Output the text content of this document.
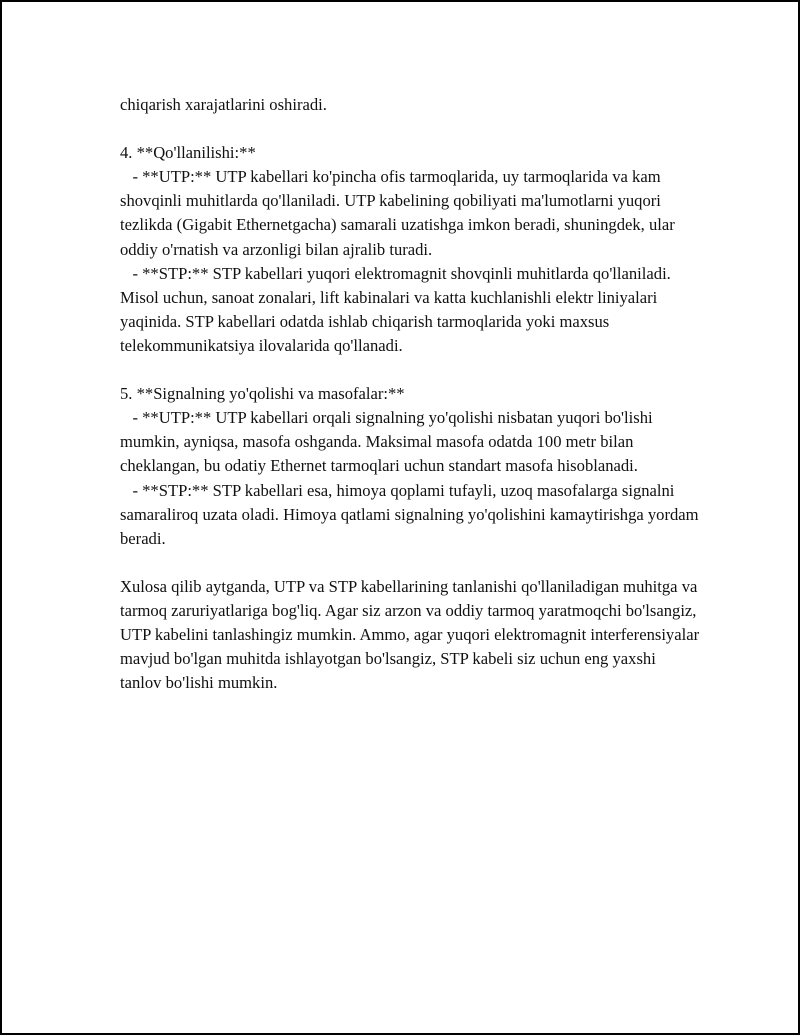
chiqarish xarajatlarini oshiradi.

4. **Qo'llanilishi:**

- **UTP:** UTP kabellari ko'pincha ofis tarmoqlarida, uy tarmoqlarida va kam shovqinli muhitlarda qo'llaniladi. UTP kabelining qobiliyati ma'lumotlarni yuqori tezlikda (Gigabit Ethernetgacha) samarali uzatishga imkon beradi, shuningdek, ular oddiy o'rnatish va arzonligi bilan ajralib turadi.

- **STP:** STP kabellari yuqori elektromagnit shovqinli muhitlarda qo'llaniladi. Misol uchun, sanoat zonalari, lift kabinalari va katta kuchlanishli elektr liniyalari yaqinida. STP kabellari odatda ishlab chiqarish tarmoqlarida yoki maxsus telekommunikatsiya ilovalarida qo'llanadi.

5. **Signalning yo'qolishi va masofalar:**

- **UTP:** UTP kabellari orqali signalning yo'qolishi nisbatan yuqori bo'lishi mumkin, ayniqsa, masofa oshganda. Maksimal masofa odatda 100 metr bilan cheklangan, bu odatiy Ethernet tarmoqlari uchun standart masofa hisoblanadi.

- **STP:** STP kabellari esa, himoya qoplami tufayli, uzoq masofalarga signalni samaraliroq uzata oladi. Himoya qatlami signalning yo'qolishini kamaytirishga yordam beradi.

Xulosa qilib aytganda, UTP va STP kabellarining tanlanishi qo'llaniladigan muhitga va tarmoq zaruriyatlariga bog'liq. Agar siz arzon va oddiy tarmoq yaratmoqchi bo'lsangiz, UTP kabelini tanlashingiz mumkin. Ammo, agar yuqori elektromagnit interferensiyalar mavjud bo'lgan muhitda ishlayotgan bo'lsangiz, STP kabeli siz uchun eng yaxshi tanlov bo'lishi mumkin.
